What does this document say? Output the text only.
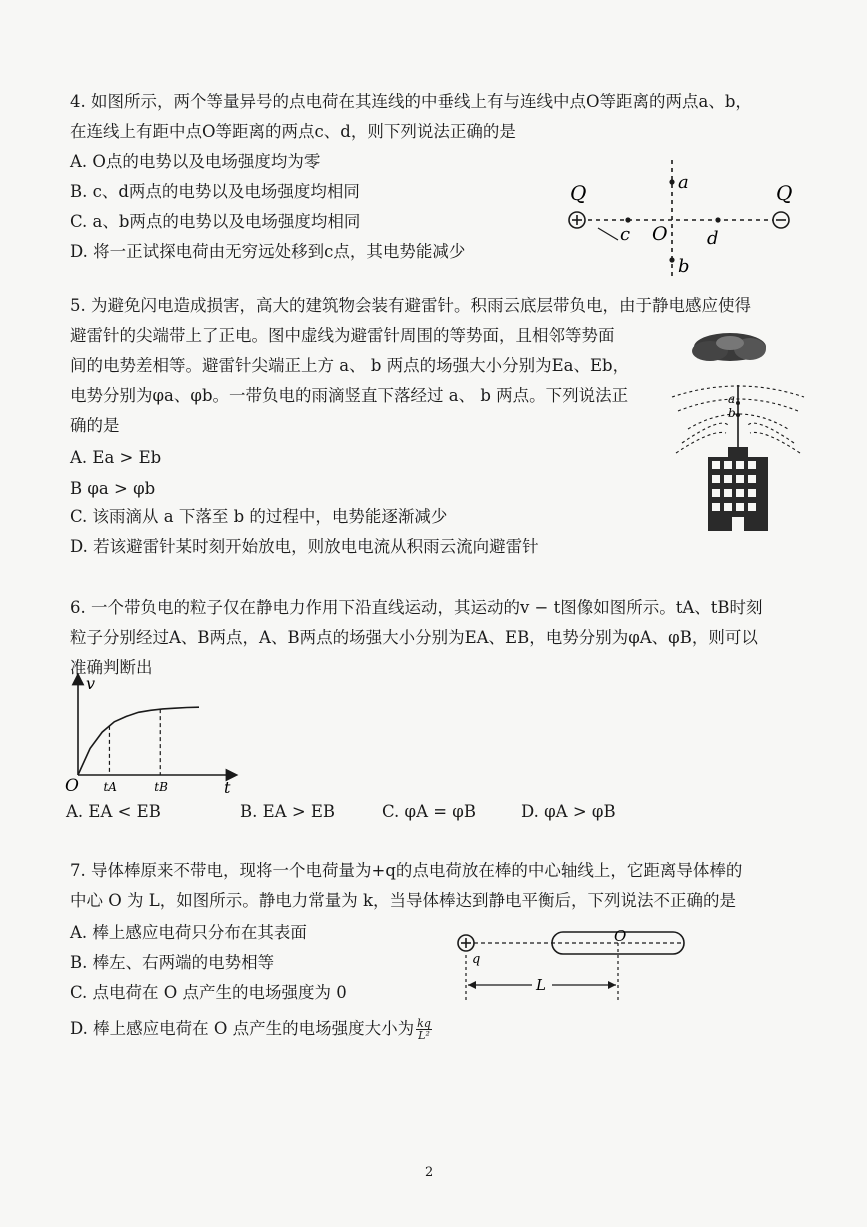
4. 如图所示，两个等量异号的点电荷在其连线的中垂线上有与连线中点O等距离的两点a、b，
在连线上有距中点O等距离的两点c、d，则下列说法正确的是
A. O点的电势以及电场强度均为零
B. c、d两点的电势以及电场强度均相同
C. a、b两点的电势以及电场强度均相同
D. 将一正试探电荷由无穷远处移到c点，其电势能减少
Q	Q
a
b
c	d
O
5. 为避免闪电造成损害，高大的建筑物会装有避雷针。积雨云底层带负电，由于静电感应使得
避雷针的尖端带上了正电。图中虚线为避雷针周围的等势面，且相邻等势面
间的电势差相等。避雷针尖端正上方 a、 b 两点的场强大小分别为Ea、Eb，
电势分别为φa、φb。一带负电的雨滴竖直下落经过 a、 b 两点。下列说法正
确的是
A. Ea > Eb
B φa > φb
C. 该雨滴从 a 下落至 b 的过程中，电势能逐渐减少
D. 若该避雷针某时刻开始放电，则放电电流从积雨云流向避雷针
a
b
6. 一个带负电的粒子仅在静电力作用下沿直线运动，其运动的v − t图像如图所示。tA、tB时刻
粒子分别经过A、B两点，A、B两点的场强大小分别为EA、EB，电势分别为φA、φB，则可以
准确判断出
O
v
t
tA	tB
A. EA < EB	B. EA > EB	C. φA = φB	D. φA > φB
7. 导体棒原来不带电，现将一个电荷量为+q的点电荷放在棒的中心轴线上，它距离导体棒的
中心 O 为 L，如图所示。静电力常量为 k，当导体棒达到静电平衡后，下列说法不正确的是
A. 棒上感应电荷只分布在其表面
B. 棒左、右两端的电势相等
C. 点电荷在 O 点产生的电场强度为 0
D. 棒上感应电荷在 O 点产生的电场强度大小为 $\frac{kq}{\text{L²}}$
q
O
L
2
